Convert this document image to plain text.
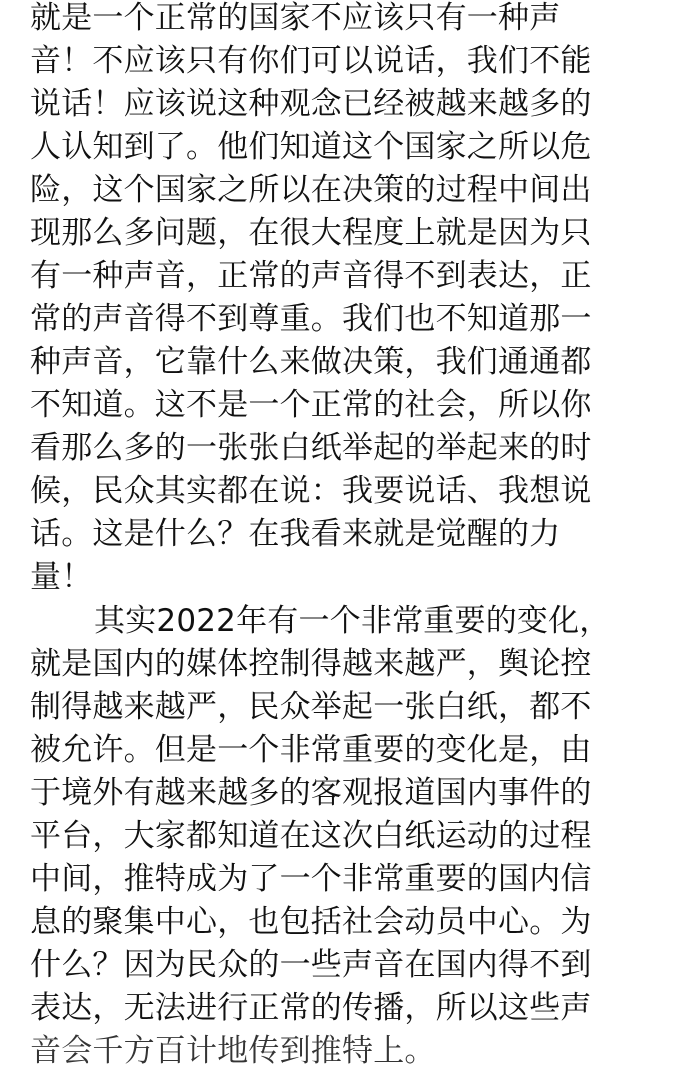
就是一个正常的国家不应该只有一种声
音！不应该只有你们可以说话，我们不能
说话！应该说这种观念已经被越来越多的
人认知到了。他们知道这个国家之所以危
险，这个国家之所以在决策的过程中间出
现那么多问题，在很大程度上就是因为只
有一种声音，正常的声音得不到表达，正
常的声音得不到尊重。我们也不知道那一
种声音，它靠什么来做决策，我们通通都
不知道。这不是一个正常的社会，所以你
看那么多的一张张白纸举起的举起来的时
候，民众其实都在说：我要说话、我想说
话。这是什么？在我看来就是觉醒的力
量！
其实2022年有一个非常重要的变化，
就是国内的媒体控制得越来越严，舆论控
制得越来越严，民众举起一张白纸，都不
被允许。但是一个非常重要的变化是，由
于境外有越来越多的客观报道国内事件的
平台，大家都知道在这次白纸运动的过程
中间，推特成为了一个非常重要的国内信
息的聚集中心，也包括社会动员中心。为
什么？因为民众的一些声音在国内得不到
表达，无法进行正常的传播，所以这些声
音会千方百计地传到推特上。
